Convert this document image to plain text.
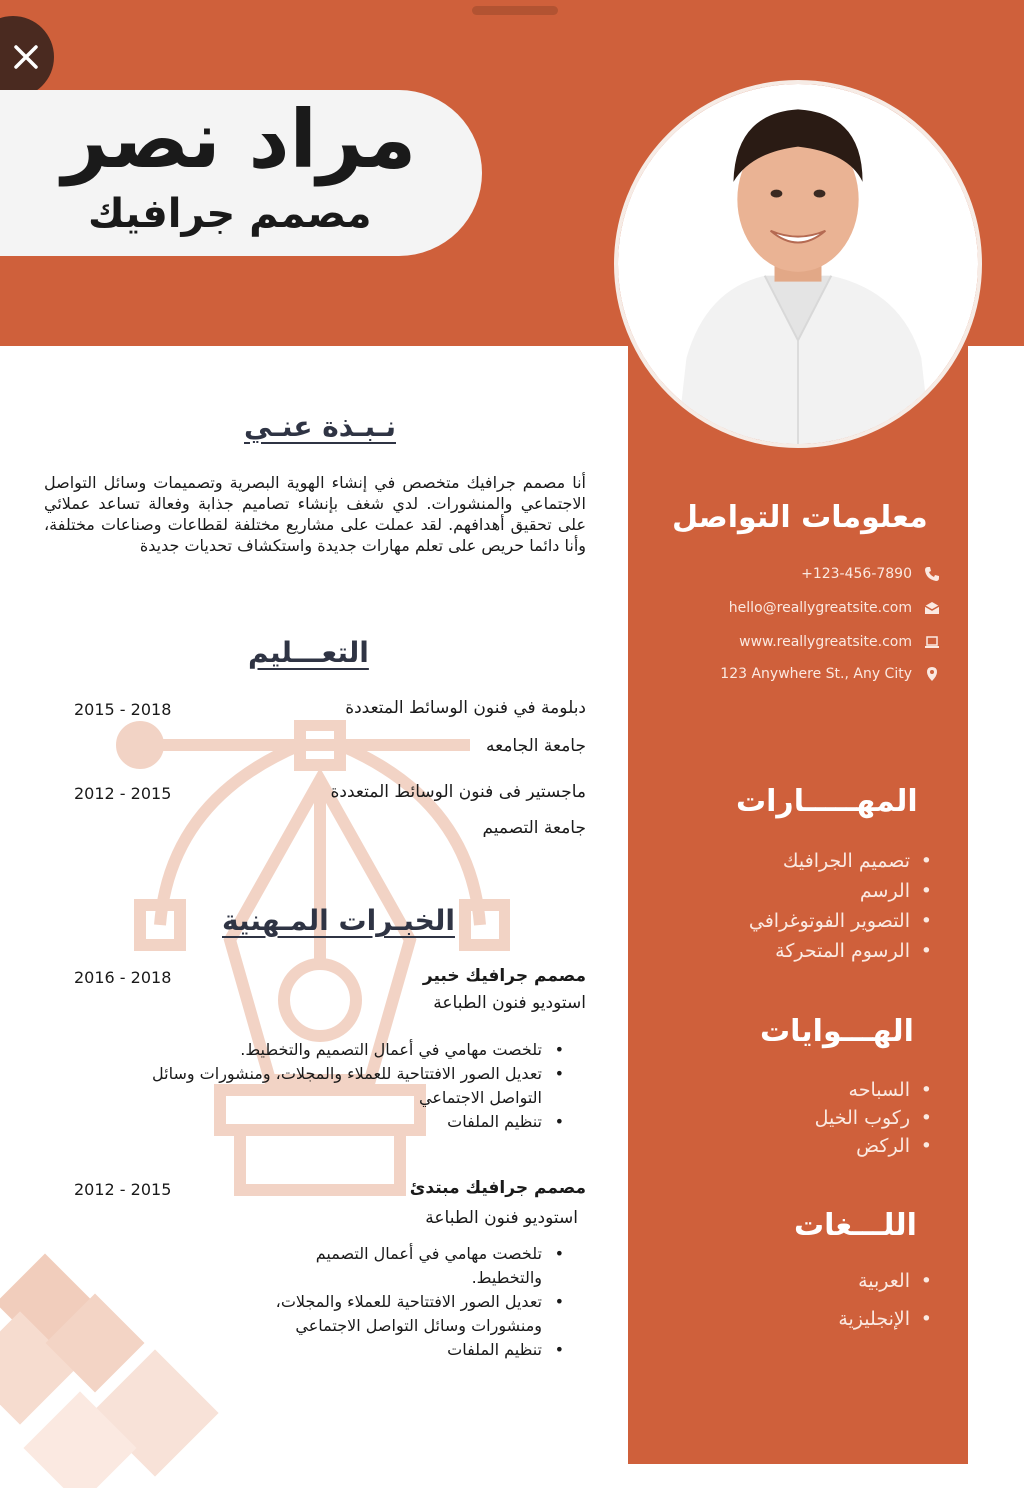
مراد نصر
مصمم جرافيك
نـبـذة عنـي

أنا مصمم جرافيك متخصص في إنشاء الهوية البصرية وتصميمات وسائل التواصل الاجتماعي والمنشورات. لدي شغف بإنشاء تصاميم جذابة وفعالة تساعد عملائي على تحقيق أهدافهم. لقد عملت على مشاريع مختلفة لقطاعات وصناعات مختلفة، وأنا دائما حريص على تعلم مهارات جديدة واستكشاف تحديات جديدة

التعـــليم
دبلومة في فنون الوسائط المتعددة
2015 - 2018
جامعة الجامعه
ماجستير فى فنون الوسائط المتعددة
2012 - 2015
جامعة التصميم
الخبـرات المـهنية
مصمم جرافيك خبير
2016 - 2018
استوديو فنون الطباعة
• تلخصت مهامي في أعمال التصميم والتخطيط.
• تعديل الصور الافتتاحية للعملاء والمجلات، ومنشورات وسائل التواصل الاجتماعي
• تنظيم الملفات
مصمم جرافيك مبتدئ
2012 - 2015
استوديو فنون الطباعة
• تلخصت مهامي في أعمال التصميم والتخطيط.
• تعديل الصور الافتتاحية للعملاء والمجلات، ومنشورات وسائل التواصل الاجتماعي
• تنظيم الملفات
معلومات التواصل
+123-456-7890
hello@reallygreatsite.com
www.reallygreatsite.com
123 Anywhere St., Any City
المهـــــارات
• تصميم الجرافيك
• الرسم
• التصوير الفوتوغرافي
• الرسوم المتحركة
الهـــوايات
• السباحه
• ركوب الخيل
• الركض
اللـــغات
• العربية
• الإنجليزية
